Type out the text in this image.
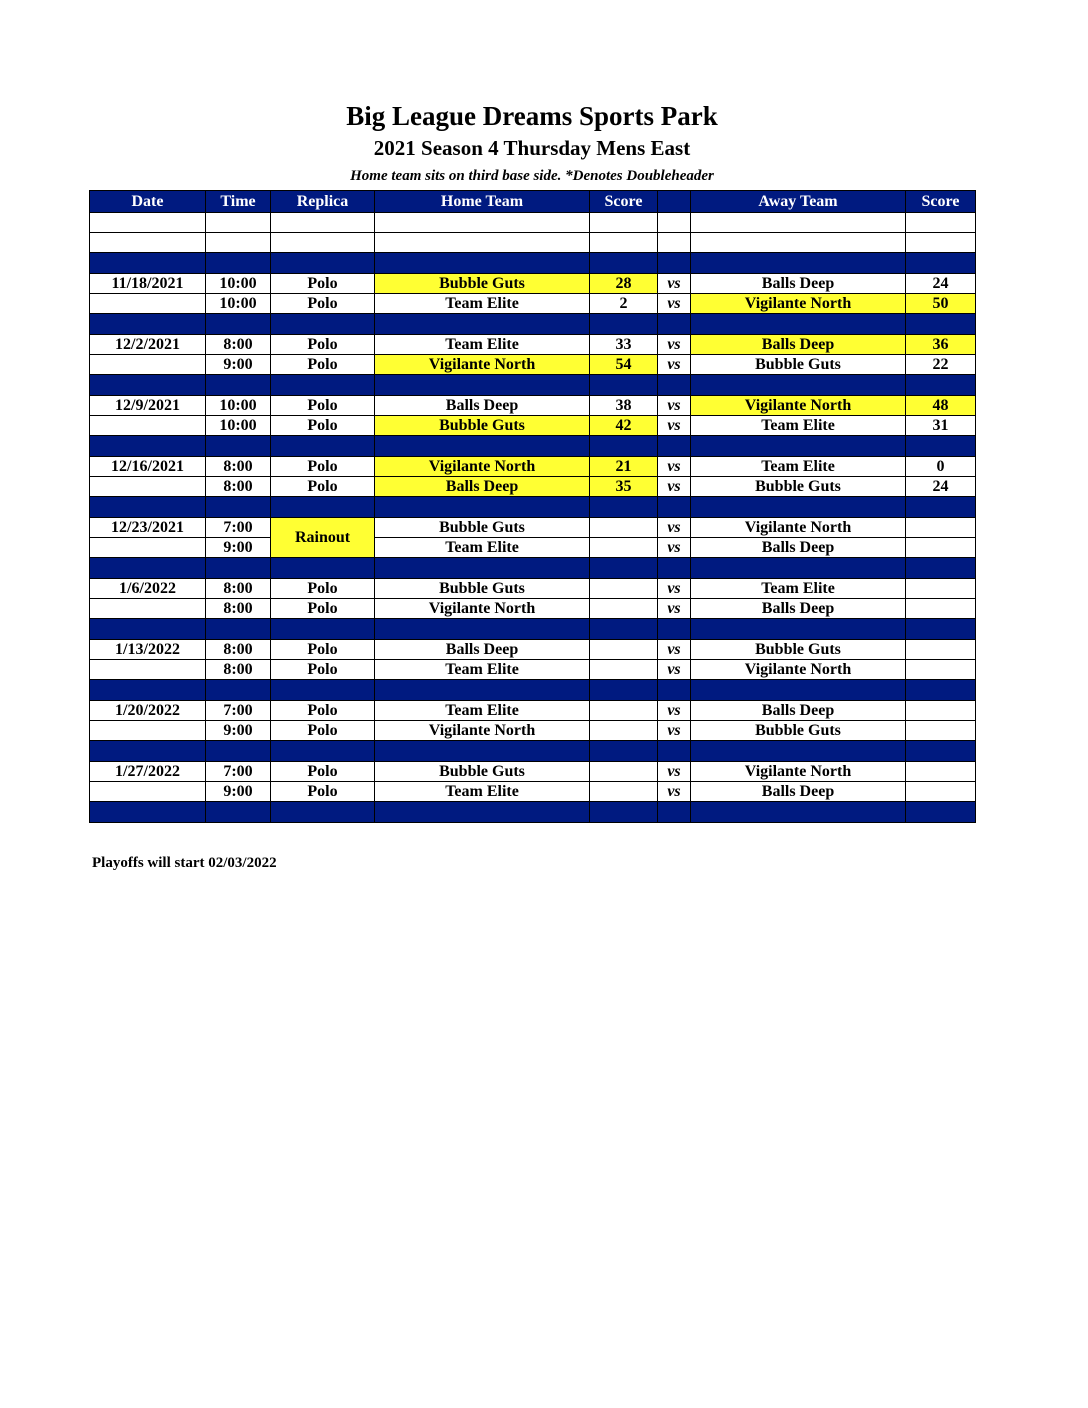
Big League Dreams Sports Park
2021 Season 4 Thursday Mens East
Home team sits on third base side. *Denotes Doubleheader
Date	Time	Replica	Home Team	Score		Away Team	Score

11/18/2021	10:00	Polo	Bubble Guts	28	vs	Balls Deep	24
	10:00	Polo	Team Elite	2	vs	Vigilante North	50

12/2/2021	8:00	Polo	Team Elite	33	vs	Balls Deep	36
	9:00	Polo	Vigilante North	54	vs	Bubble Guts	22

12/9/2021	10:00	Polo	Balls Deep	38	vs	Vigilante North	48
	10:00	Polo	Bubble Guts	42	vs	Team Elite	31

12/16/2021	8:00	Polo	Vigilante North	21	vs	Team Elite	0
	8:00	Polo	Balls Deep	35	vs	Bubble Guts	24

12/23/2021	7:00	Rainout	Bubble Guts		vs	Vigilante North	
	9:00		Team Elite		vs	Balls Deep	

1/6/2022	8:00	Polo	Bubble Guts		vs	Team Elite	
	8:00	Polo	Vigilante North		vs	Balls Deep	

1/13/2022	8:00	Polo	Balls Deep		vs	Bubble Guts	
	8:00	Polo	Team Elite		vs	Vigilante North	

1/20/2022	7:00	Polo	Team Elite		vs	Balls Deep	
	9:00	Polo	Vigilante North		vs	Bubble Guts	

1/27/2022	7:00	Polo	Bubble Guts		vs	Vigilante North	
	9:00	Polo	Team Elite		vs	Balls Deep	

Playoffs will start 02/03/2022
